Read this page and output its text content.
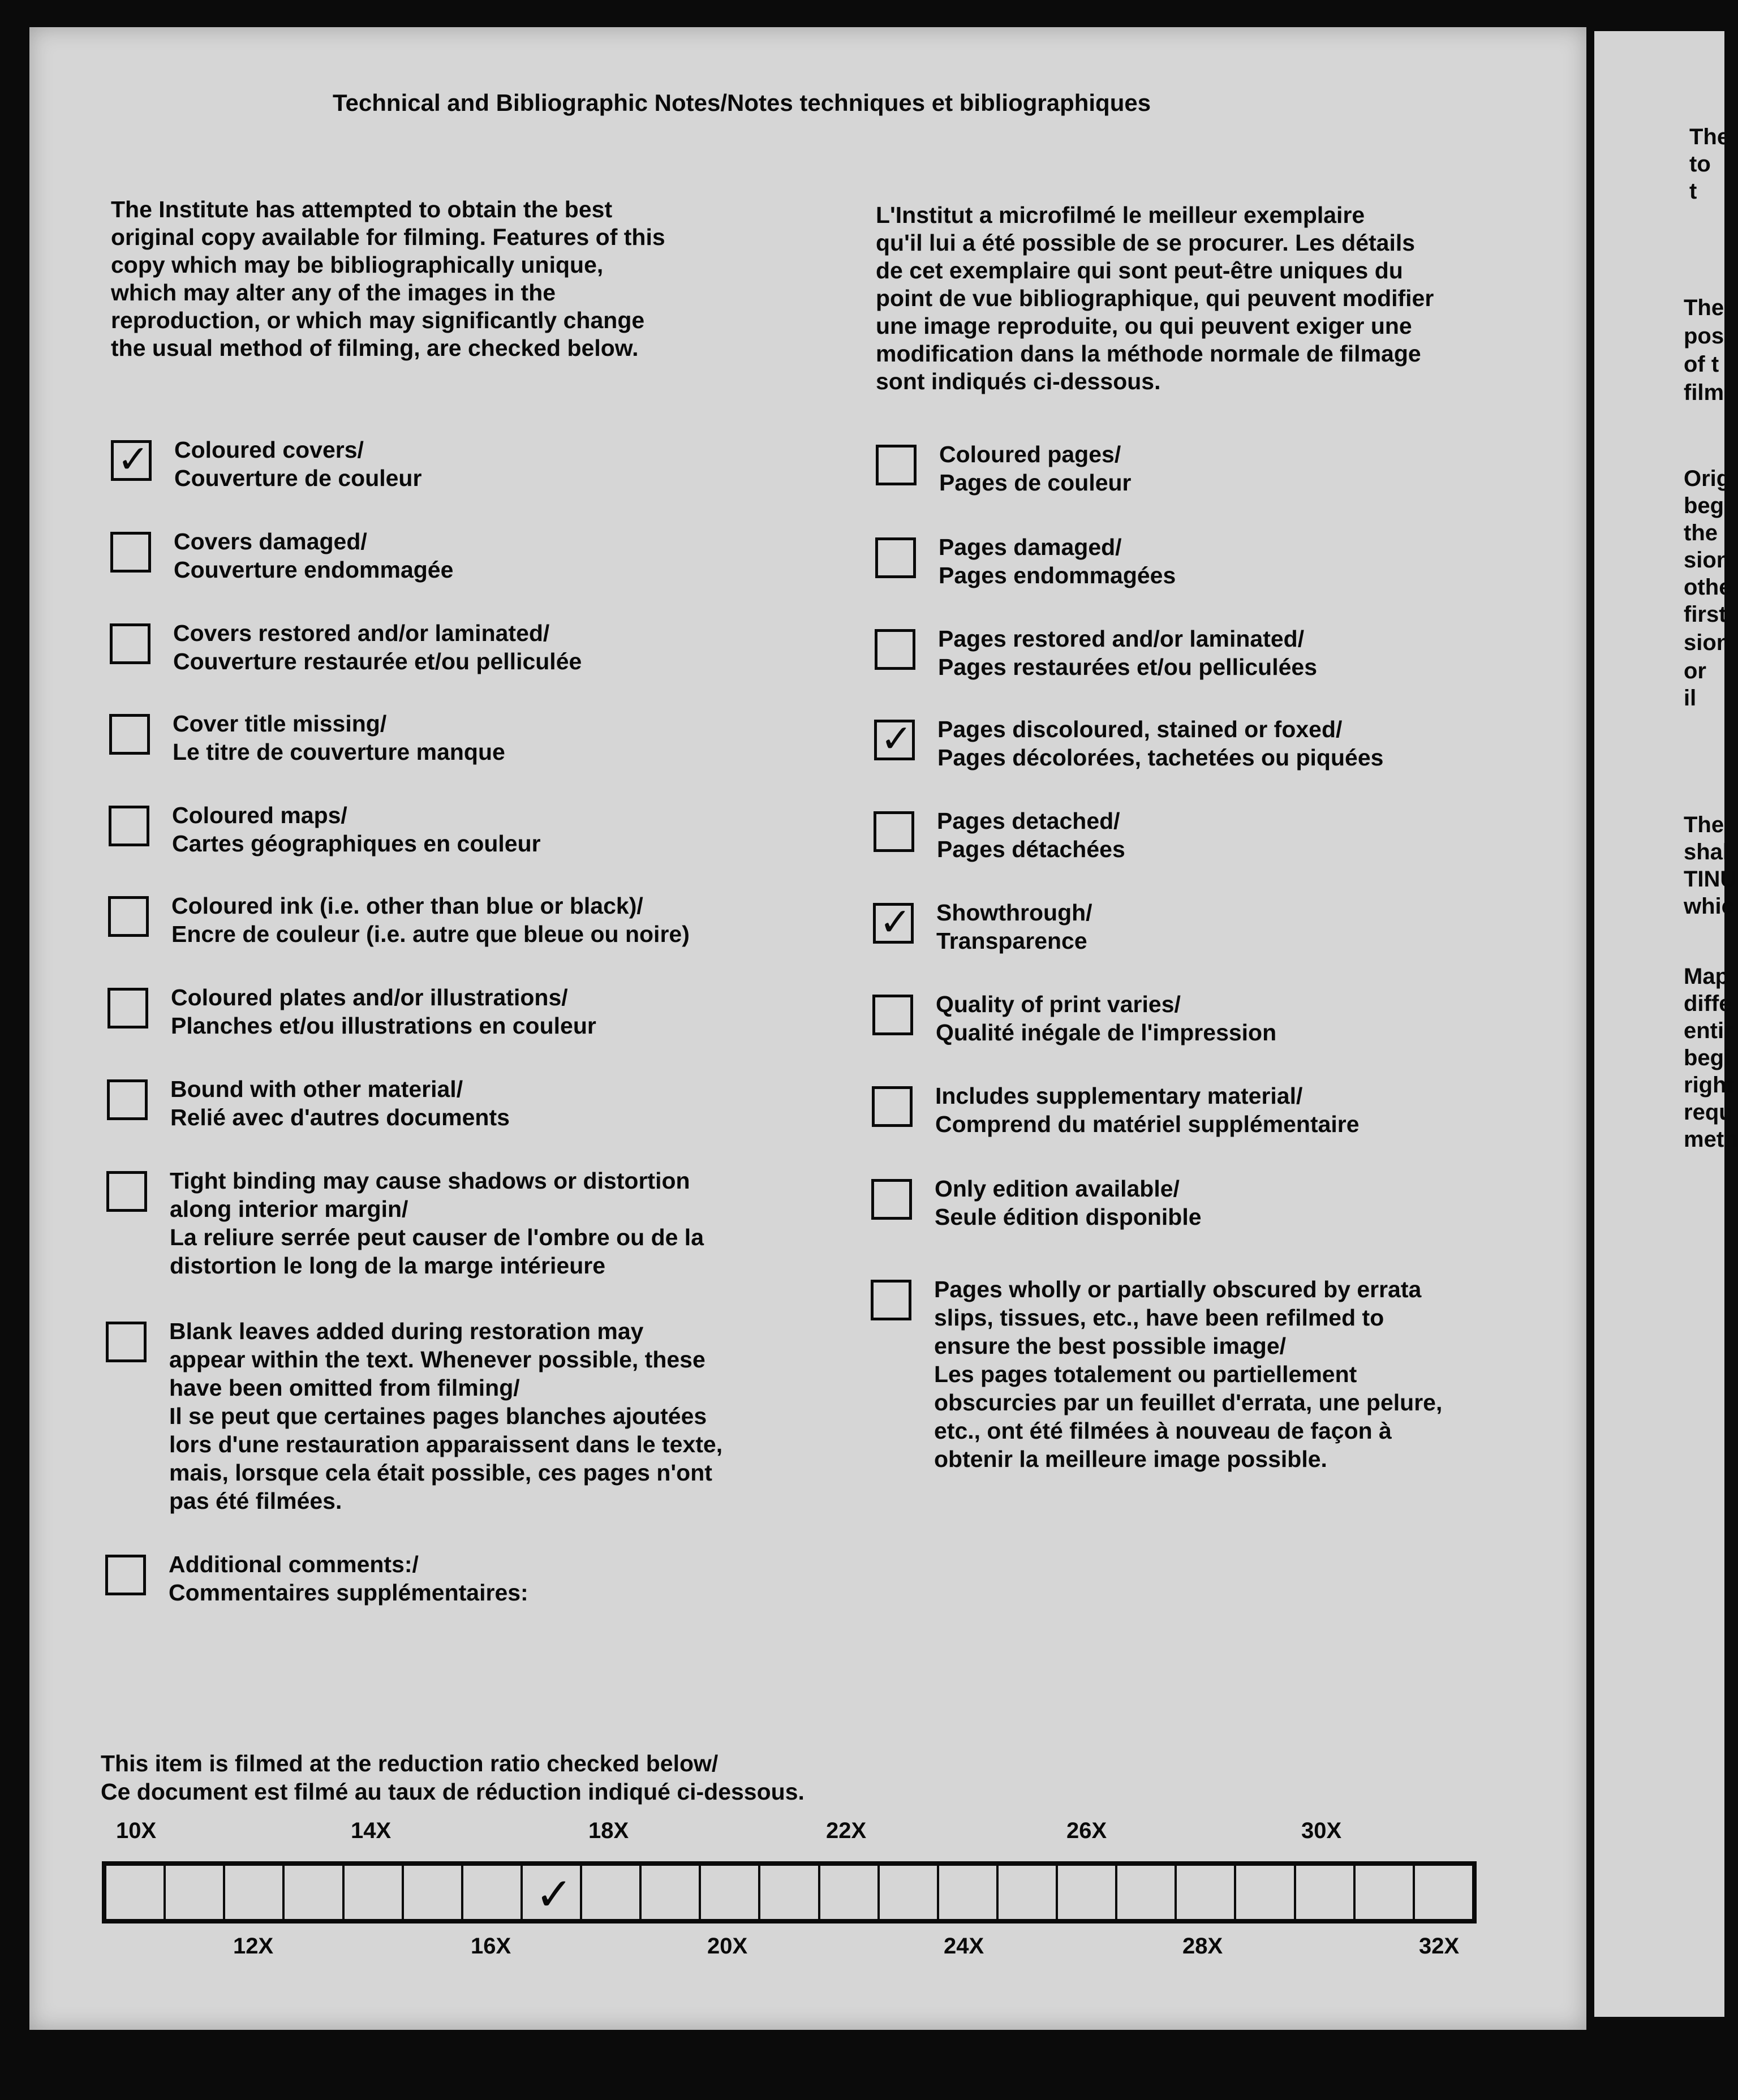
Technical and Bibliographic Notes/Notes techniques et bibliographiques
The Institute has attempted to obtain the best
original copy available for filming. Features of this
copy which may be bibliographically unique,
which may alter any of the images in the
reproduction, or which may significantly change
the usual method of filming, are checked below.
L'Institut a microfilmé le meilleur exemplaire
qu'il lui a été possible de se procurer. Les détails
de cet exemplaire qui sont peut-être uniques du
point de vue bibliographique, qui peuvent modifier
une image reproduite, ou qui peuvent exiger une
modification dans la méthode normale de filmage
sont indiqués ci-dessous.
✓ Coloured covers/
Couverture de couleur
Covers damaged/
Couverture endommagée
Covers restored and/or laminated/
Couverture restaurée et/ou pelliculée
Cover title missing/
Le titre de couverture manque
Coloured maps/
Cartes géographiques en couleur
Coloured ink (i.e. other than blue or black)/
Encre de couleur (i.e. autre que bleue ou noire)
Coloured plates and/or illustrations/
Planches et/ou illustrations en couleur
Bound with other material/
Relié avec d'autres documents
Tight binding may cause shadows or distortion
along interior margin/
La reliure serrée peut causer de l'ombre ou de la
distortion le long de la marge intérieure
Blank leaves added during restoration may
appear within the text. Whenever possible, these
have been omitted from filming/
Il se peut que certaines pages blanches ajoutées
lors d'une restauration apparaissent dans le texte,
mais, lorsque cela était possible, ces pages n'ont
pas été filmées.
Additional comments:/
Commentaires supplémentaires:
Coloured pages/
Pages de couleur
Pages damaged/
Pages endommagées
Pages restored and/or laminated/
Pages restaurées et/ou pelliculées
✓ Pages discoloured, stained or foxed/
Pages décolorées, tachetées ou piquées
Pages detached/
Pages détachées
✓ Showthrough/
Transparence
Quality of print varies/
Qualité inégale de l'impression
Includes supplementary material/
Comprend du matériel supplémentaire
Only edition available/
Seule édition disponible
Pages wholly or partially obscured by errata
slips, tissues, etc., have been refilmed to
ensure the best possible image/
Les pages totalement ou partiellement
obscurcies par un feuillet d'errata, une pelure,
etc., ont été filmées à nouveau de façon à
obtenir la meilleure image possible.
This item is filmed at the reduction ratio checked below/
Ce document est filmé au taux de réduction indiqué ci-dessous.
10X	14X	18X	22X	26X	30X
✓
12X	16X	20X	24X	28X	32X
The
to t
The
pos
of t
film
Orig
beg
the
sion
othe
first
sion
or il
The
shal
TINU
whic
Map
diffe
entir
begi
right
requ
meth
